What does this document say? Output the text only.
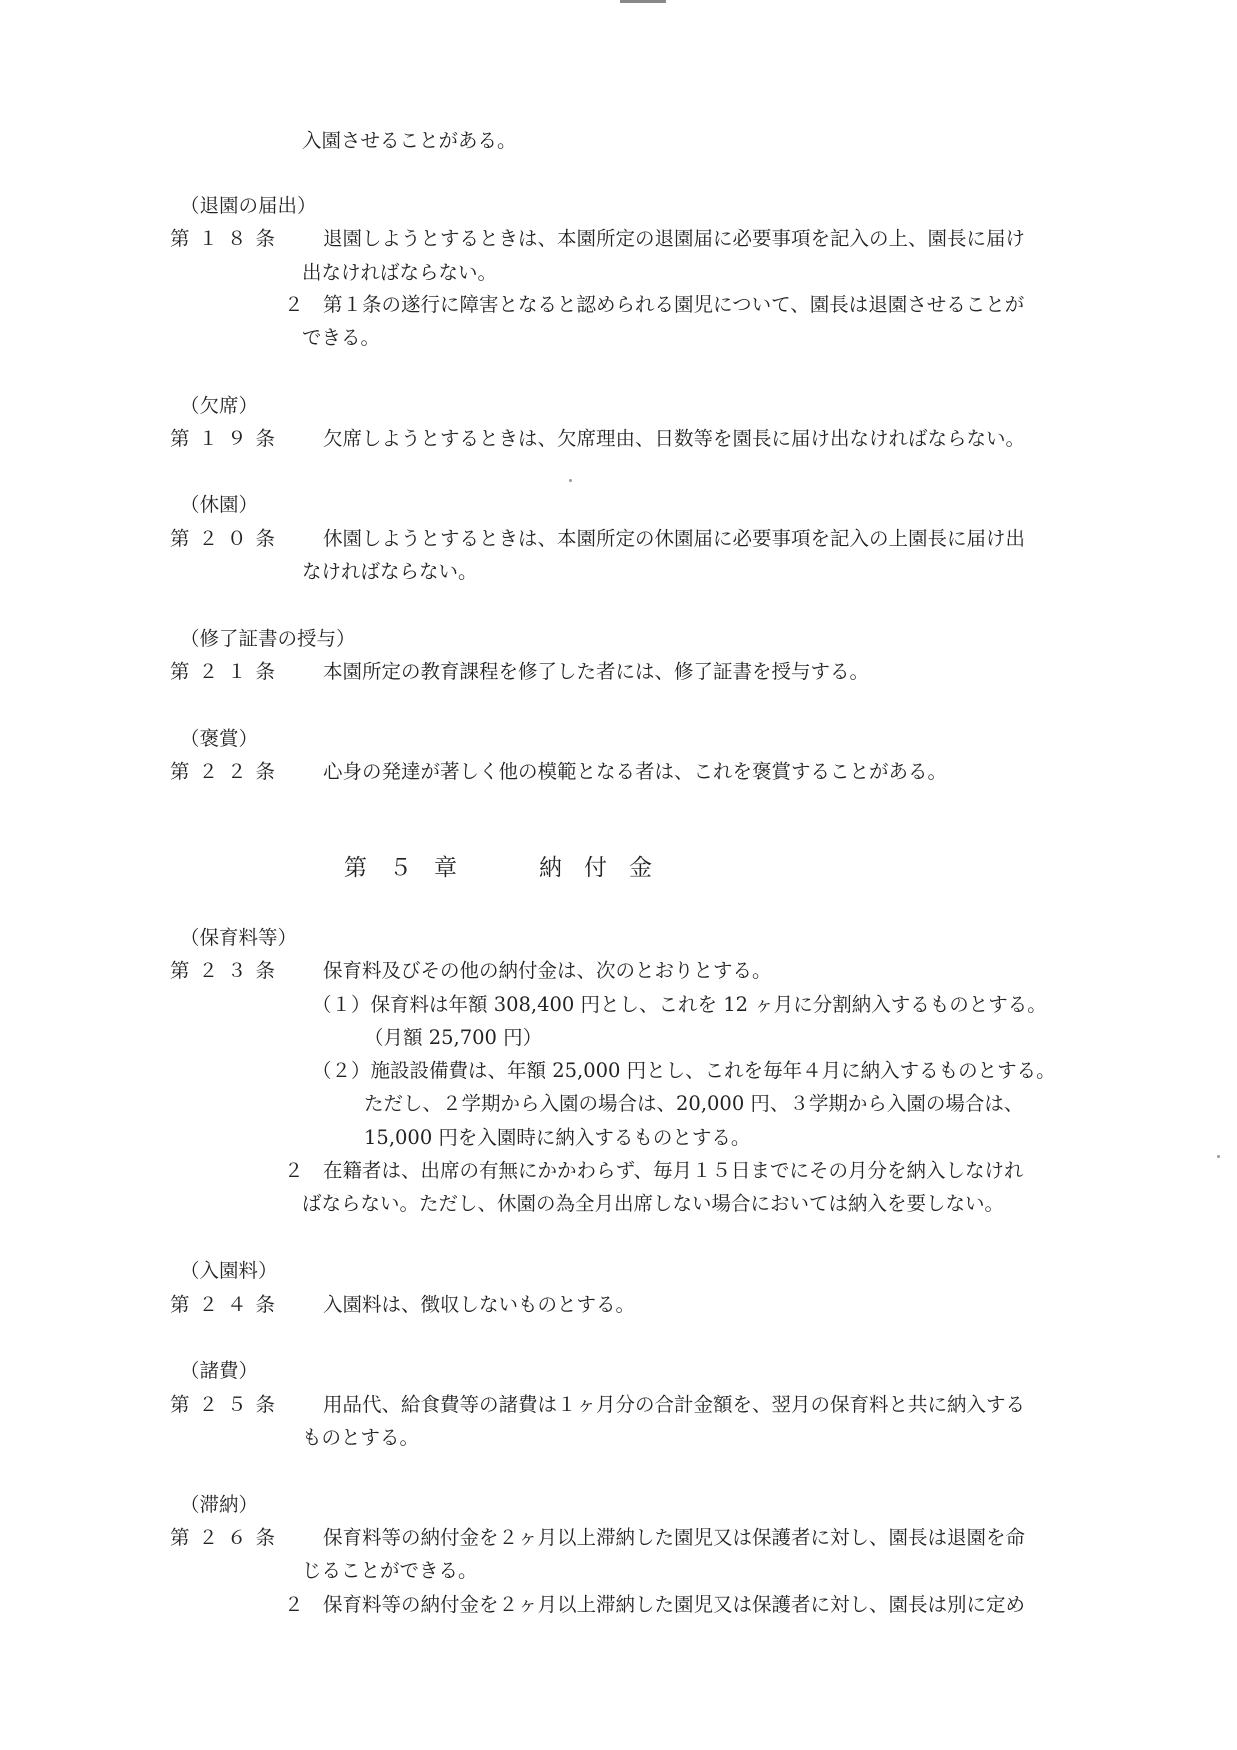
入園させることがある。
（退園の届出）
第１８条 退園しようとするときは、本園所定の退園届に必要事項を記入の上、園長に届け
出なければならない。
２　第１条の遂行に障害となると認められる園児について、園長は退園させることが
できる。
（欠席）
第１９条 欠席しようとするときは、欠席理由、日数等を園長に届け出なければならない。
（休園）
第２０条 休園しようとするときは、本園所定の休園届に必要事項を記入の上園長に届け出
なければならない。
（修了証書の授与）
第２１条 本園所定の教育課程を修了した者には、修了証書を授与する。
（褒賞）
第２２条 心身の発達が著しく他の模範となる者は、これを褒賞することがある。
第５章	納付金
（保育料等）
第２３条 保育料及びその他の納付金は、次のとおりとする。
（１）保育料は年額 308,400 円とし、これを 12 ヶ月に分割納入するものとする。
（月額 25,700 円）
（２）施設設備費は、年額 25,000 円とし、これを毎年４月に納入するものとする。
ただし、２学期から入園の場合は、20,000 円、３学期から入園の場合は、
15,000 円を入園時に納入するものとする。
２　在籍者は、出席の有無にかかわらず、毎月１５日までにその月分を納入しなけれ
ばならない。ただし、休園の為全月出席しない場合においては納入を要しない。
（入園料）
第２４条 入園料は、徴収しないものとする。
（諸費）
第２５条 用品代、給食費等の諸費は１ヶ月分の合計金額を、翌月の保育料と共に納入する
ものとする。
（滞納）
第２６条 保育料等の納付金を２ヶ月以上滞納した園児又は保護者に対し、園長は退園を命
じることができる。
２　保育料等の納付金を２ヶ月以上滞納した園児又は保護者に対し、園長は別に定め
